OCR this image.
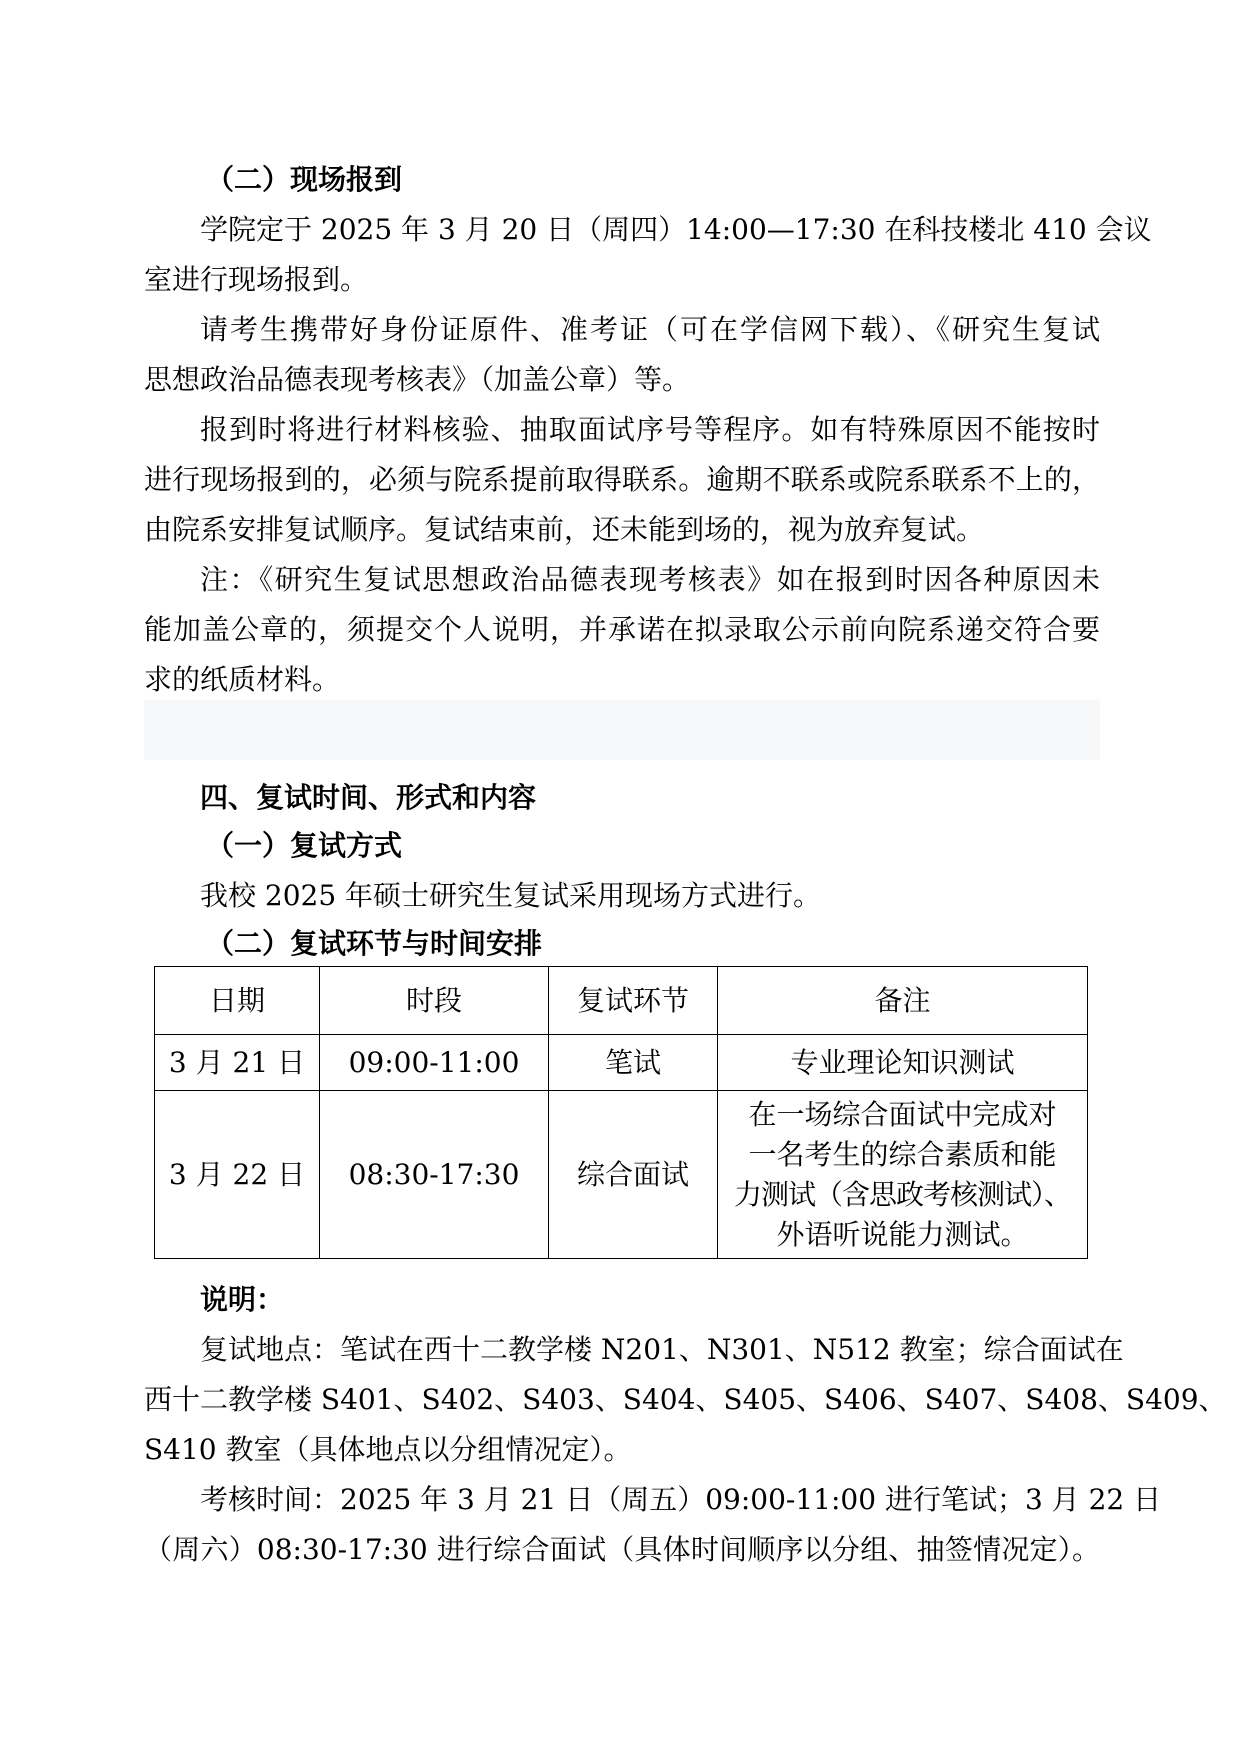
（二）现场报到
学院定于 2025 年 3 月 20 日（周四）14:00—17:30 在科技楼北 410 会议
室进行现场报到。
请考生携带好身份证原件、准考证（可在学信网下载）、《研究生复试
思想政治品德表现考核表》（加盖公章）等。
报到时将进行材料核验、抽取面试序号等程序。如有特殊原因不能按时
进行现场报到的，必须与院系提前取得联系。逾期不联系或院系联系不上的，
由院系安排复试顺序。复试结束前，还未能到场的，视为放弃复试。
注：《研究生复试思想政治品德表现考核表》如在报到时因各种原因未
能加盖公章的，须提交个人说明，并承诺在拟录取公示前向院系递交符合要
求的纸质材料。
四、复试时间、形式和内容
（一）复试方式
我校 2025 年硕士研究生复试采用现场方式进行。
（二）复试环节与时间安排
日期	时段	复试环节	备注
3 月 21 日	09:00-11:00	笔试	专业理论知识测试
3 月 22 日	08:30-17:30	综合面试	在一场综合面试中完成对
一名考生的综合素质和能
力测试（含思政考核测试）、
外语听说能力测试。
说明：
复试地点：笔试在西十二教学楼 N201、N301、N512 教室；综合面试在
西十二教学楼 S401、S402、S403、S404、S405、S406、S407、S408、S409、
S410 教室（具体地点以分组情况定）。
考核时间：2025 年 3 月 21 日（周五）09:00-11:00 进行笔试；3 月 22 日
（周六）08:30-17:30 进行综合面试（具体时间顺序以分组、抽签情况定）。
